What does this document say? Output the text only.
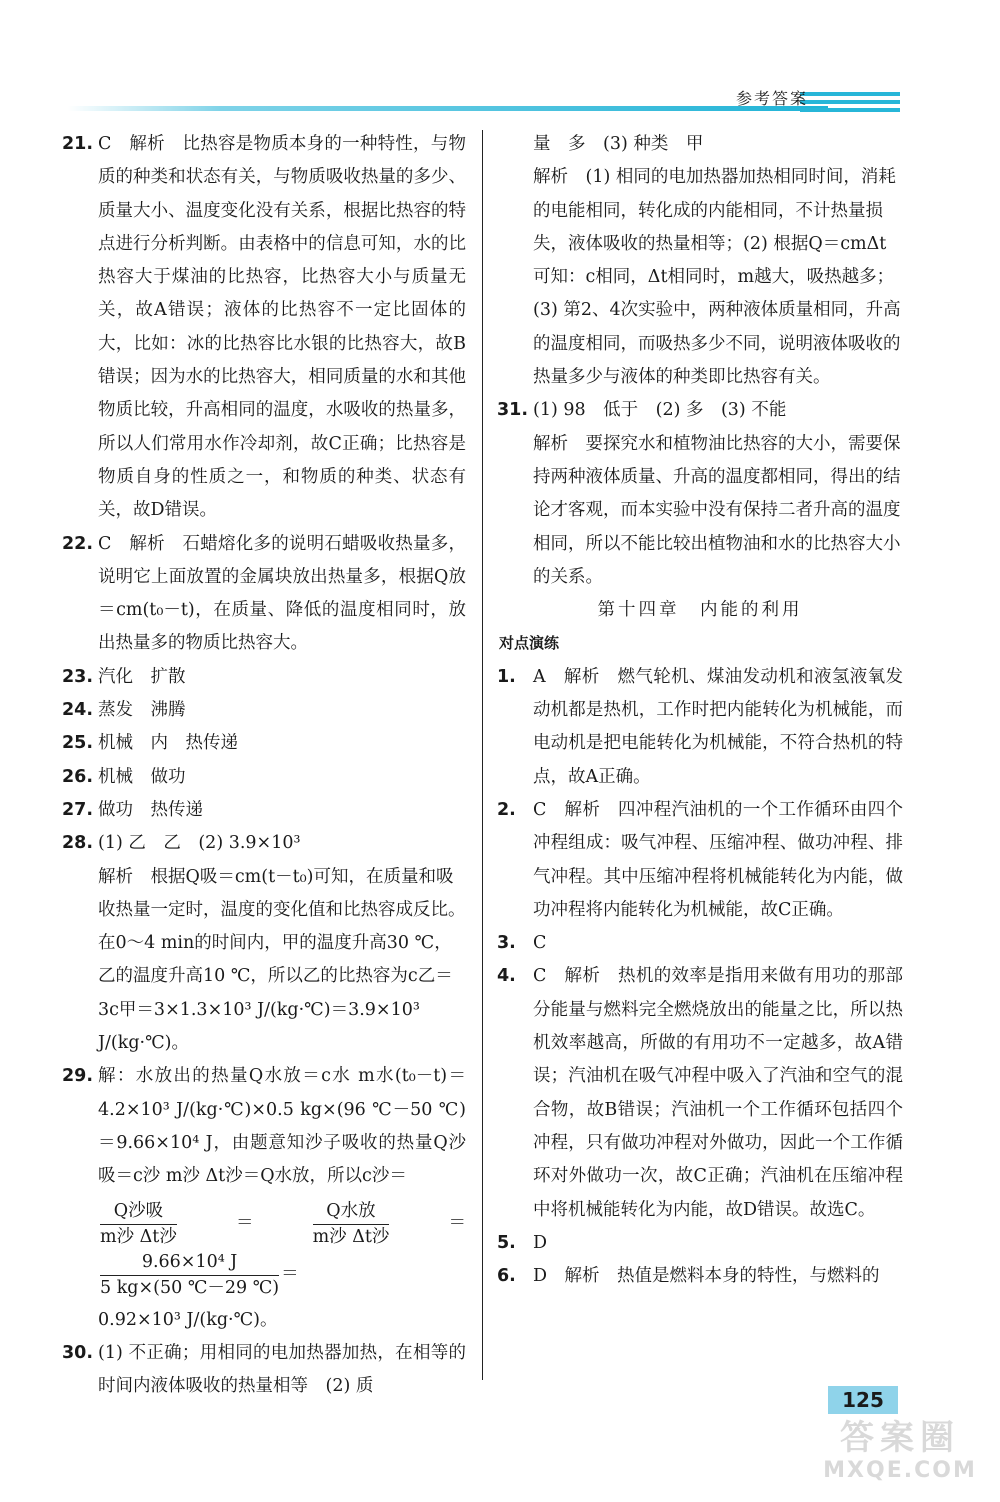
参考答案
21. C　解析　比热容是物质本身的一种特性，与物质的种类和状态有关，与物质吸收热量的多少、质量大小、温度变化没有关系，根据比热容的特点进行分析判断。由表格中的信息可知，水的比热容大于煤油的比热容，比热容大小与质量无关，故A错误；液体的比热容不一定比固体的大，比如：冰的比热容比水银的比热容大，故B错误；因为水的比热容大，相同质量的水和其他物质比较，升高相同的温度，水吸收的热量多，所以人们常用水作冷却剂，故C正确；比热容是物质自身的性质之一，和物质的种类、状态有关，故D错误。
22. C　解析　石蜡熔化多的说明石蜡吸收热量多，说明它上面放置的金属块放出热量多，根据Q放＝cm(t₀－t)，在质量、降低的温度相同时，放出热量多的物质比热容大。
23. 汽化　扩散
24. 蒸发　沸腾
25. 机械　内　热传递
26. 机械　做功
27. 做功　热传递
28. (1) 乙　乙　(2) 3.9×10³
解析　根据Q吸＝cm(t－t₀)可知，在质量和吸收热量一定时，温度的变化值和比热容成反比。在0～4 min的时间内，甲的温度升高30 ℃，乙的温度升高10 ℃，所以乙的比热容为c乙＝3c甲＝3×1.3×10³ J/(kg·℃)＝3.9×10³ J/(kg·℃)。
29. 解：水放出的热量Q水放＝c水 m水(t₀－t)＝4.2×10³ J/(kg·℃)×0.5 kg×(96 ℃－50 ℃)＝9.66×10⁴ J，由题意知沙子吸收的热量Q沙吸＝c沙 m沙 Δt沙＝Q水放，所以c沙＝
$\frac{\text{Q沙吸}}{\text{m沙 Δt沙}} = \frac{\text{Q水放}}{\text{m沙 Δt沙}}$ ＝
$\frac{\text{9.66×10⁴ J}}{5 kg\times(50 ℃-29 ℃)}$ ＝
0.92×10³ J/(kg·℃)。
30. (1) 不正确；用相同的电加热器加热，在相等的时间内液体吸收的热量相等　(2) 质
量　多　(3) 种类　甲
解析　(1) 相同的电加热器加热相同时间，消耗的电能相同，转化成的内能相同，不计热量损失，液体吸收的热量相等；(2) 根据Q＝cmΔt可知：c相同，Δt相同时，m越大，吸热越多；(3) 第2、4次实验中，两种液体质量相同，升高的温度相同，而吸热多少不同，说明液体吸收的热量多少与液体的种类即比热容有关。
31. (1) 98　低于　(2) 多　(3) 不能
解析　要探究水和植物油比热容的大小，需要保持两种液体质量、升高的温度都相同，得出的结论才客观，而本实验中没有保持二者升高的温度相同，所以不能比较出植物油和水的比热容大小的关系。
第十四章　内能的利用
对点演练
1. A　解析　燃气轮机、煤油发动机和液氢液氧发动机都是热机，工作时把内能转化为机械能，而电动机是把电能转化为机械能，不符合热机的特点，故A正确。
2. C　解析　四冲程汽油机的一个工作循环由四个冲程组成：吸气冲程、压缩冲程、做功冲程、排气冲程。其中压缩冲程将机械能转化为内能，做功冲程将内能转化为机械能，故C正确。
3. C
4. C　解析　热机的效率是指用来做有用功的那部分能量与燃料完全燃烧放出的能量之比，所以热机效率越高，所做的有用功不一定越多，故A错误；汽油机在吸气冲程中吸入了汽油和空气的混合物，故B错误；汽油机一个工作循环包括四个冲程，只有做功冲程对外做功，因此一个工作循环对外做功一次，故C正确；汽油机在压缩冲程中将机械能转化为内能，故D错误。故选C。
5. D
6. D　解析　热值是燃料本身的特性，与燃料的
125
答案圈
MXQE.COM
